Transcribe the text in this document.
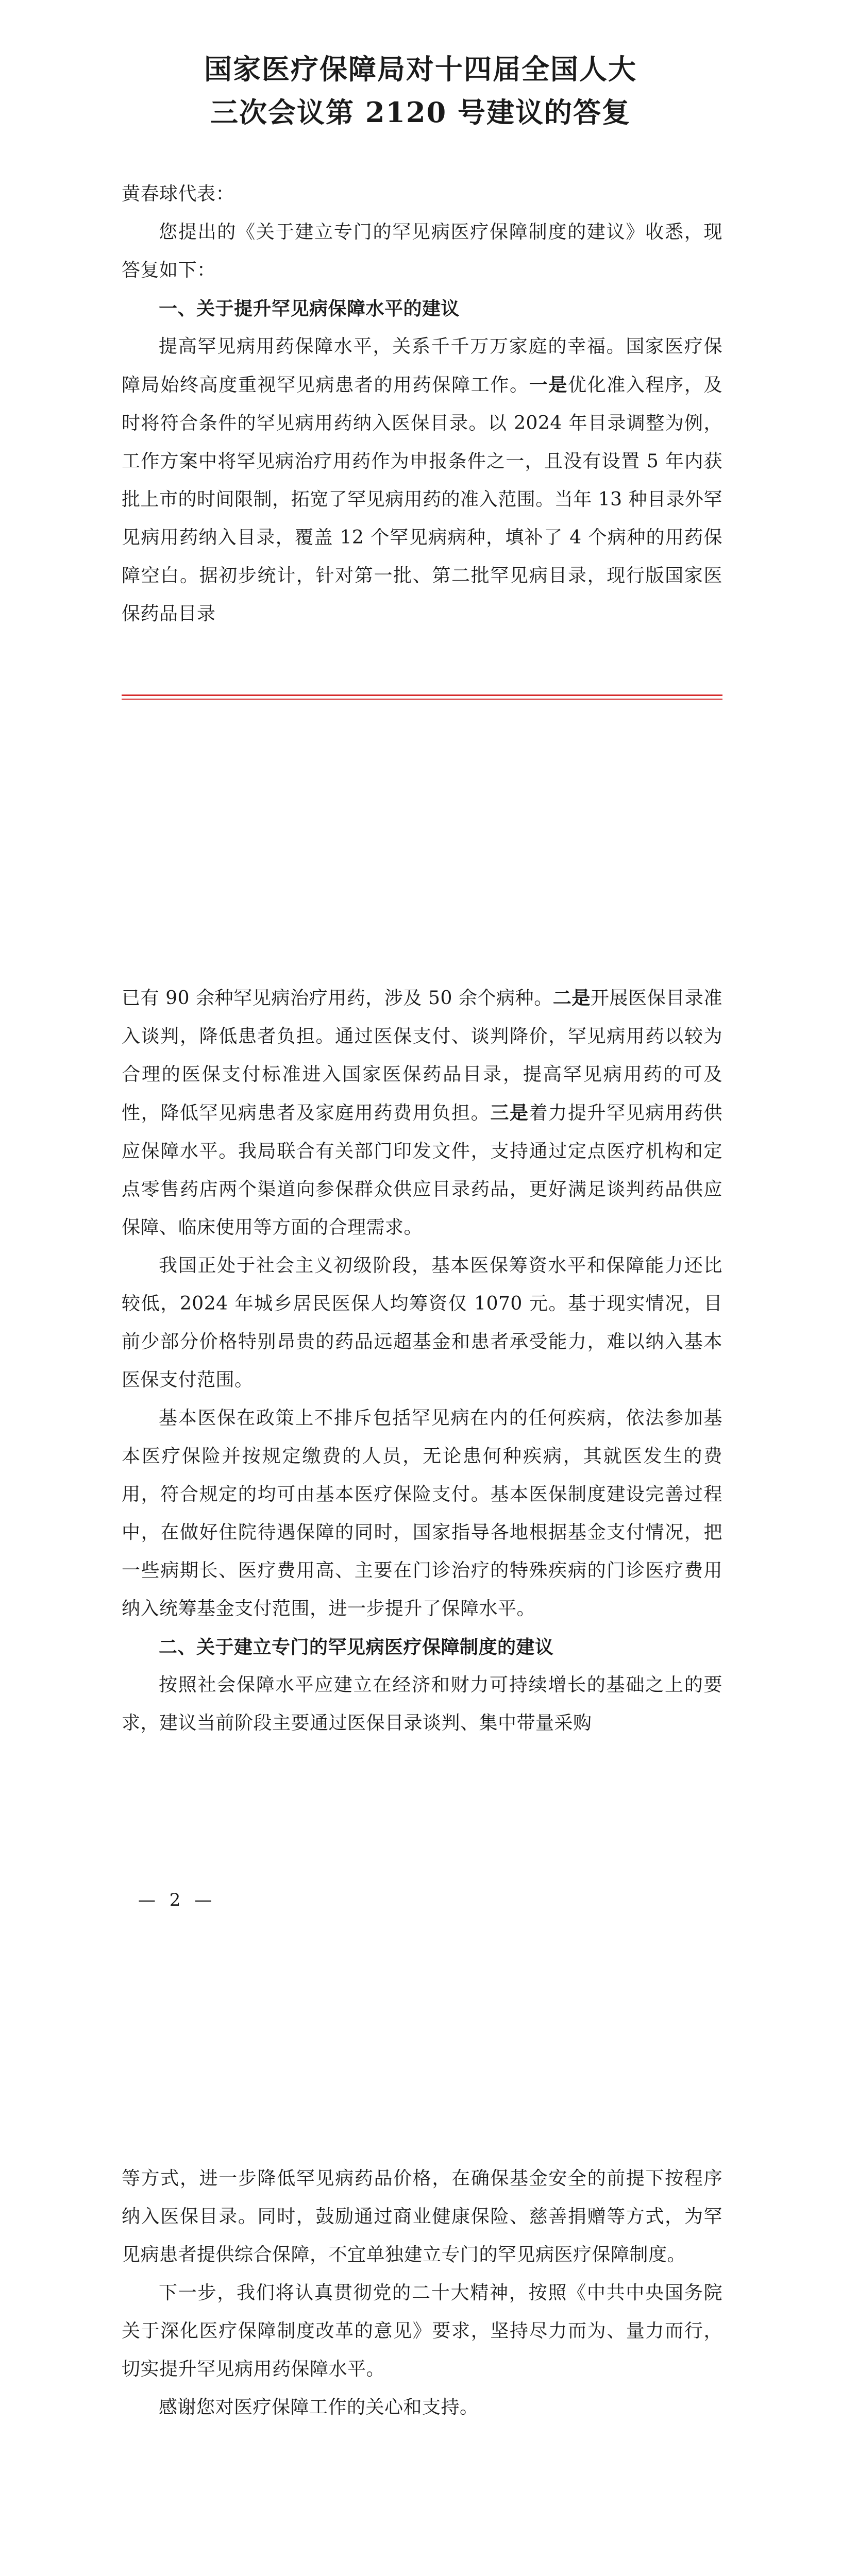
国家医疗保障局对十四届全国人大
三次会议第 2120 号建议的答复

黄春球代表：

您提出的《关于建立专门的罕见病医疗保障制度的建议》收悉，现答复如下：

一、关于提升罕见病保障水平的建议

提高罕见病用药保障水平，关系千千万万家庭的幸福。国家医疗保障局始终高度重视罕见病患者的用药保障工作。一是优化准入程序，及时将符合条件的罕见病用药纳入医保目录。以 2024 年目录调整为例，工作方案中将罕见病治疗用药作为申报条件之一，且没有设置 5 年内获批上市的时间限制，拓宽了罕见病用药的准入范围。当年 13 种目录外罕见病用药纳入目录，覆盖 12 个罕见病病种，填补了 4 个病种的用药保障空白。据初步统计，针对第一批、第二批罕见病目录，现行版国家医保药品目录

已有 90 余种罕见病治疗用药，涉及 50 余个病种。二是开展医保目录准入谈判，降低患者负担。通过医保支付、谈判降价，罕见病用药以较为合理的医保支付标准进入国家医保药品目录，提高罕见病用药的可及性，降低罕见病患者及家庭用药费用负担。三是着力提升罕见病用药供应保障水平。我局联合有关部门印发文件，支持通过定点医疗机构和定点零售药店两个渠道向参保群众供应目录药品，更好满足谈判药品供应保障、临床使用等方面的合理需求。

我国正处于社会主义初级阶段，基本医保筹资水平和保障能力还比较低，2024 年城乡居民医保人均筹资仅 1070 元。基于现实情况，目前少部分价格特别昂贵的药品远超基金和患者承受能力，难以纳入基本医保支付范围。

基本医保在政策上不排斥包括罕见病在内的任何疾病，依法参加基本医疗保险并按规定缴费的人员，无论患何种疾病，其就医发生的费用，符合规定的均可由基本医疗保险支付。基本医保制度建设完善过程中，在做好住院待遇保障的同时，国家指导各地根据基金支付情况，把一些病期长、医疗费用高、主要在门诊治疗的特殊疾病的门诊医疗费用纳入统筹基金支付范围，进一步提升了保障水平。

二、关于建立专门的罕见病医疗保障制度的建议

按照社会保障水平应建立在经济和财力可持续增长的基础之上的要求，建议当前阶段主要通过医保目录谈判、集中带量采购

— 2 —

等方式，进一步降低罕见病药品价格，在确保基金安全的前提下按程序纳入医保目录。同时，鼓励通过商业健康保险、慈善捐赠等方式，为罕见病患者提供综合保障，不宜单独建立专门的罕见病医疗保障制度。

下一步，我们将认真贯彻党的二十大精神，按照《中共中央国务院关于深化医疗保障制度改革的意见》要求，坚持尽力而为、量力而行，切实提升罕见病用药保障水平。

感谢您对医疗保障工作的关心和支持。
